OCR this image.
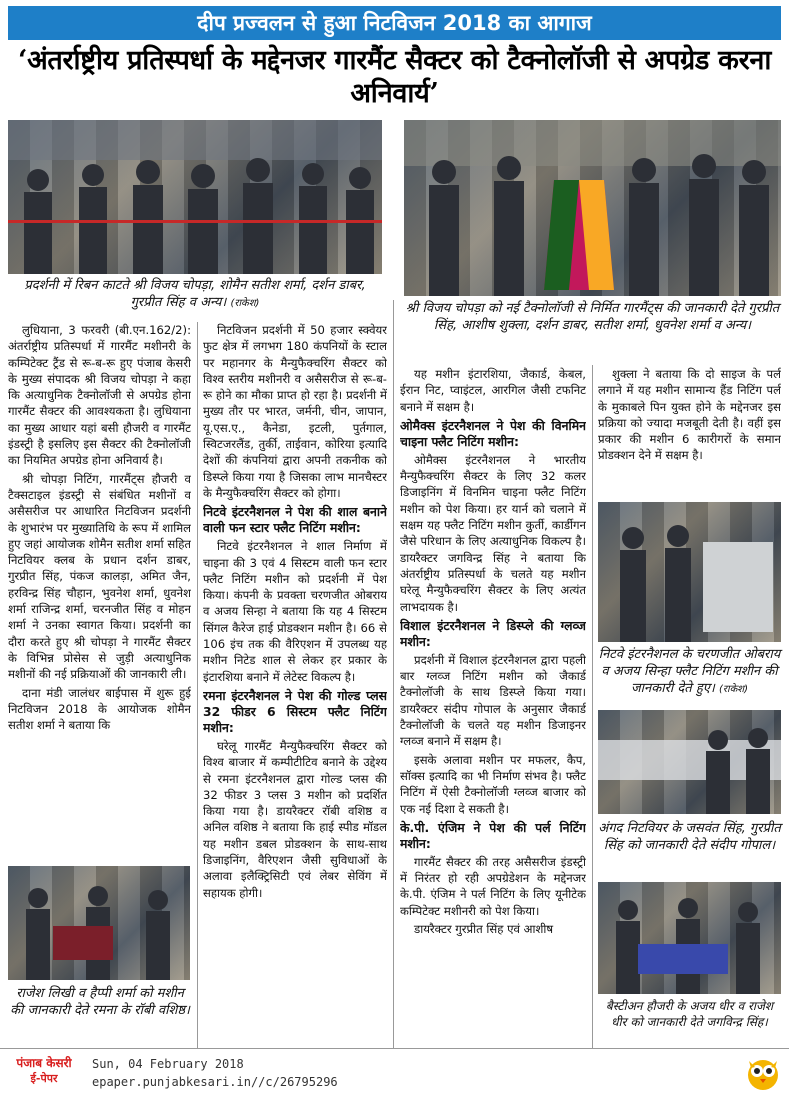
दीप प्रज्वलन से हुआ निटविजन 2018 का आगाज
‘अंतर्राष्ट्रीय प्रतिस्पर्धा के मद्देनजर गारमैंट सैक्टर को टैक्नोलॉजी से अपग्रेड करना अनिवार्य’
प्रदर्शनी में रिबन काटते श्री विजय चोपड़ा, शोमैन सतीश शर्मा, दर्शन डाबर, गुरप्रीत सिंह व अन्य। (राकेश)	श्री विजय चोपड़ा को नई टैक्नोलॉजी से निर्मित गारमैंट्स की जानकारी देते गुरप्रीत सिंह, आशीष शुक्ला, दर्शन डाबर, सतीश शर्मा, धुवनेश शर्मा व अन्य।

लुधियाना, 3 फरवरी (बी.एन.162/2): अंतर्राष्ट्रीय प्रतिस्पर्धा में गारमैंट मशीनरी के कम्पिटेक्ट ट्रैंड से रू-ब-रू हुए पंजाब केसरी के मुख्य संपादक श्री विजय चोपड़ा ने कहा कि अत्याधुनिक टैक्नोलॉजी से अपग्रेड होना गारमैंट सैक्टर की आवश्यकता है। लुधियाना का मुख्य आधार यहां बसी हौजरी व गारमैंट इंडस्ट्री है इसलिए इस सैक्टर की टैक्नोलॉजी का नियमित अपग्रेड होना अनिवार्य है।

श्री चोपड़ा निटिंग, गारमैंट्स हौजरी व टैक्सटाइल इंडस्ट्री से संबंधित मशीनों व असैसरीज पर आधारित निटविजन प्रदर्शनी के शुभारंभ पर मुख्यातिथि के रूप में शामिल हुए जहां आयोजक शोमैन सतीश शर्मा सहित निटवियर क्लब के प्रधान दर्शन डाबर, गुरप्रीत सिंह, पंकज कालड़ा, अमित जैन, हरविन्द्र सिंह चौहान, भुवनेश शर्मा, धुवनेश शर्मा राजिन्द्र शर्मा, चरनजीत सिंह व मोहन शर्मा ने उनका स्वागत किया। प्रदर्शनी का दौरा करते हुए श्री चोपड़ा ने गारमैंट सैक्टर के विभिन्न प्रोसेस से जुड़ी अत्याधुनिक मशीनों की नई प्रक्रियाओं की जानकारी ली।

दाना मंडी जालंधर बाईपास में शुरू हुई निटविजन 2018 के आयोजक शोमैन सतीश शर्मा ने बताया कि

राजेश लिखी व हैप्पी शर्मा को मशीन की जानकारी देते रमना के रॉबी वशिष्ठ।

निटविजन प्रदर्शनी में 50 हजार स्क्वेयर फुट क्षेत्र में लगभग 180 कंपनियों के स्टाल पर महानगर के मैन्युफैक्चरिंग सैक्टर को विश्व स्तरीय मशीनरी व असैसरीज से रू-ब-रू होने का मौका प्राप्त हो रहा है। प्रदर्शनी में मुख्य तौर पर भारत, जर्मनी, चीन, जापान, यू.एस.ए., कैनेडा, इटली, पुर्तगाल, स्विटजरलैंड, तुर्की, ताईवान, कोरिया इत्यादि देशों की कंपनियां द्वारा अपनी तकनीक को डिस्प्ले किया गया है जिसका लाभ मानचैस्टर के मैन्युफैक्चरिंग सैक्टर को होगा।

निटवे इंटरनैशनल ने पेश की शाल बनाने वाली फन स्टार फ्लैट निटिंग मशीन:

निटवे इंटरनैशनल ने शाल निर्माण में चाइना की 3 एवं 4 सिस्टम वाली फन स्टार फ्लैट निटिंग मशीन को प्रदर्शनी में पेश किया। कंपनी के प्रवक्ता चरणजीत ओबराय व अजय सिन्हा ने बताया कि यह 4 सिस्टम सिंगल कैरेज हाई प्रोडक्शन मशीन है। 66 से 106 इंच तक की वैरिएशन में उपलब्ध यह मशीन निटेड शाल से लेकर हर प्रकार के इंटारशिया बनाने में लेटेस्ट विकल्प है।

रमना इंटरनैशनल ने पेश की गोल्ड प्लस 32 फीडर 6 सिस्टम फ्लैट निटिंग मशीन:

घरेलू गारमैंट मैन्युफैक्चरिंग सैक्टर को विश्व बाजार में कम्पीटीटिव बनाने के उद्देश्य से रमना इंटरनैशनल द्वारा गोल्ड प्लस की 32 फीडर 3 प्लस 3 मशीन को प्रदर्शित किया गया है। डायरैक्टर रॉबी वशिष्ठ व अनिल वशिष्ठ ने बताया कि हाई स्पीड मॉडल यह मशीन डबल प्रोडक्शन के साथ-साथ डिजाइनिंग, वैरिएशन जैसी सुविधाओं के अलावा इलैक्ट्रिसिटी एवं लेबर सेविंग में सहायक होगी।

यह मशीन इंटारशिया, जैकार्ड, केबल, ईरान निट, प्वाइंटल, आरगिल जैसी टफनिट बनाने में सक्षम है।

ओमैक्स इंटरनैशनल ने पेश की विनमिन चाइना फ्लैट निटिंग मशीन:

ओमैक्स इंटरनैशनल ने भारतीय मैन्युफैक्चरिंग सैक्टर के लिए 32 कलर डिजाइनिंग में विनमिन चाइना फ्लैट निटिंग मशीन को पेश किया। हर यार्न को चलाने में सक्षम यह फ्लैट निटिंग मशीन कुर्ती, कार्डीगन जैसे परिधान के लिए अत्याधुनिक विकल्प है। डायरैक्टर जगविन्द्र सिंह ने बताया कि अंतर्राष्ट्रीय प्रतिस्पर्धा के चलते यह मशीन घरेलू मैन्युफैक्चरिंग सैक्टर के लिए अत्यंत लाभदायक है।

विशाल इंटरनैशनल ने डिस्प्ले की ग्लव्ज मशीन:

प्रदर्शनी में विशाल इंटरनैशनल द्वारा पहली बार ग्लव्ज निटिंग मशीन को जैकार्ड टैक्नोलॉजी के साथ डिस्प्ले किया गया। डायरैक्टर संदीप गोपाल के अनुसार जैकार्ड टैक्नोलॉजी के चलते यह मशीन डिजाइनर ग्लव्ज बनाने में सक्षम है।

इसके अलावा मशीन पर मफलर, कैप, सॉक्स इत्यादि का भी निर्माण संभव है। फ्लैट निटिंग में ऐसी टैक्नोलॉजी ग्लव्ज बाजार को एक नई दिशा दे सकती है।

के.पी. एंजिम ने पेश की पर्ल निटिंग मशीन:

गारमैंट सैक्टर की तरह असैसरीज इंडस्ट्री में निरंतर हो रही अपग्रेडेशन के मद्देनजर के.पी. एंजिम ने पर्ल निटिंग के लिए यूनीटेक कम्पिटेक्ट मशीनरी को पेश किया।

डायरैक्टर गुरप्रीत सिंह एवं आशीष

शुक्ला ने बताया कि दो साइज के पर्ल लगाने में यह मशीन सामान्य हैंड निटिंग पर्ल के मुकाबले पिन युक्त होने के मद्देनजर इस प्रक्रिया को ज्यादा मजबूती देती है। वहीं इस प्रकार की मशीन 6 कारीगरों के समान प्रोडक्शन देने में सक्षम है।

निटवे इंटरनैशनल के चरणजीत ओबराय व अजय सिन्हा फ्लैट निटिंग मशीन की जानकारी देते हुए। (राकेश)
अंगद निटवियर के जसवंत सिंह, गुरप्रीत सिंह को जानकारी देते संदीप गोपाल।
बैस्टीअन हौजरी के अजय धीर व राजेश धीर को जानकारी देते जगविन्द्र सिंह।
पंजाब केसरी
ई-पेपर
Sun, 04 February 2018
epaper.punjabkesari.in//c/26795296
